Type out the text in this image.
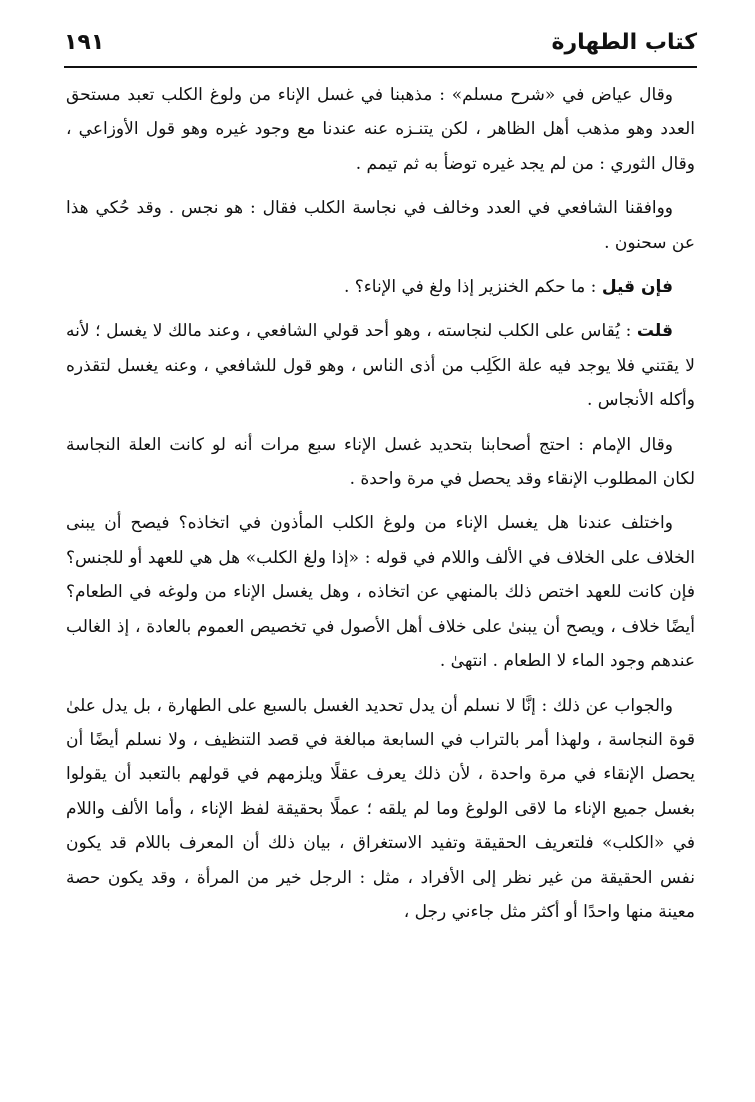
كتاب الطهارة
١٩١

وقال عياض في «شرح مسلم» : مذهبنا في غسل الإناء من ولوغ الكلب تعبد مستحق العدد وهو مذهب أهل الظاهر ، لكن يتنـزه عنه عندنا مع وجود غيره وهو قول الأوزاعي ، وقال الثوري : من لم يجد غيره توضأ به ثم تيمم .

ووافقنا الشافعي في العدد وخالف في نجاسة الكلب فقال : هو نجس . وقد حُكي هذا عن سحنون .

فإن قيل : ما حكم الخنزير إذا ولغ في الإناء؟ .

قلت : يُقاس على الكلب لنجاسته ، وهو أحد قولي الشافعي ، وعند مالك لا يغسل ؛ لأنه لا يقتني فلا يوجد فيه علة الكَلِب من أذى الناس ، وهو قول للشافعي ، وعنه يغسل لتقذره وأكله الأنجاس .

وقال الإمام : احتج أصحابنا بتحديد غسل الإناء سبع مرات أنه لو كانت العلة النجاسة لكان المطلوب الإنقاء وقد يحصل في مرة واحدة .

واختلف عندنا هل يغسل الإناء من ولوغ الكلب المأذون في اتخاذه؟ فيصح أن يبنى الخلاف على الخلاف في الألف واللام في قوله : «إذا ولغ الكلب» هل هي للعهد أو للجنس؟ فإن كانت للعهد اختص ذلك بالمنهي عن اتخاذه ، وهل يغسل الإناء من ولوغه في الطعام؟ أيضًا خلاف ، ويصح أن يبنىٰ على خلاف أهل الأصول في تخصيص العموم بالعادة ، إذ الغالب عندهم وجود الماء لا الطعام . انتهىٰ .

والجواب عن ذلك : إنَّا لا نسلم أن يدل تحديد الغسل بالسبع على الطهارة ، بل يدل علىٰ قوة النجاسة ، ولهذا أمر بالتراب في السابعة مبالغة في قصد التنظيف ، ولا نسلم أيضًا أن يحصل الإنقاء في مرة واحدة ، لأن ذلك يعرف عقلًا ويلزمهم في قولهم بالتعبد أن يقولوا بغسل جميع الإناء ما لاقى الولوغ وما لم يلقه ؛ عملًا بحقيقة لفظ الإناء ، وأما الألف واللام في «الكلب» فلتعريف الحقيقة وتفيد الاستغراق ، بيان ذلك أن المعرف باللام قد يكون نفس الحقيقة من غير نظر إلى الأفراد ، مثل : الرجل خير من المرأة ، وقد يكون حصة معينة منها واحدًا أو أكثر مثل جاءني رجل ،
